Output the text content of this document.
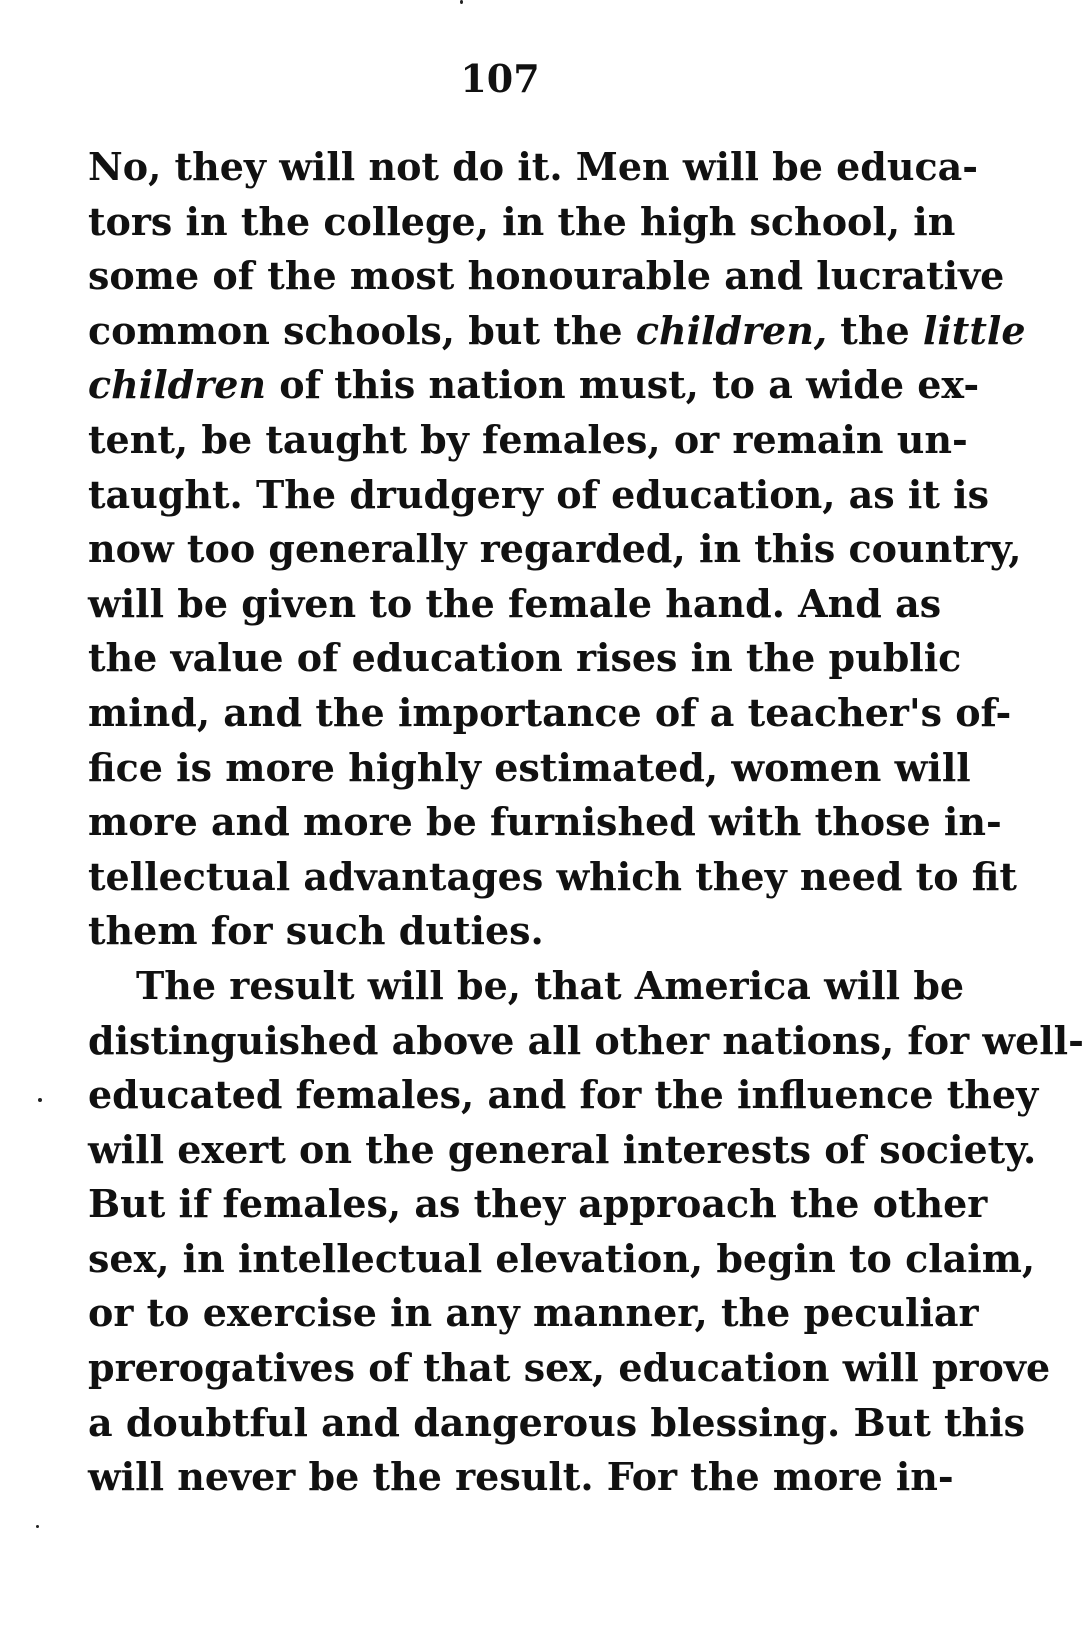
107
No, they will not do it. Men will be educa-
tors in the college, in the high school, in
some of the most honourable and lucrative
common schools, but the children, the little
children of this nation must, to a wide ex-
tent, be taught by females, or remain un-
taught. The drudgery of education, as it is
now too generally regarded, in this country,
will be given to the female hand. And as
the value of education rises in the public
mind, and the importance of a teacher's of-
fice is more highly estimated, women will
more and more be furnished with those in-
tellectual advantages which they need to fit
them for such duties.
The result will be, that America will be
distinguished above all other nations, for well-
educated females, and for the influence they
will exert on the general interests of society.
But if females, as they approach the other
sex, in intellectual elevation, begin to claim,
or to exercise in any manner, the peculiar
prerogatives of that sex, education will prove
a doubtful and dangerous blessing. But this
will never be the result. For the more in-
